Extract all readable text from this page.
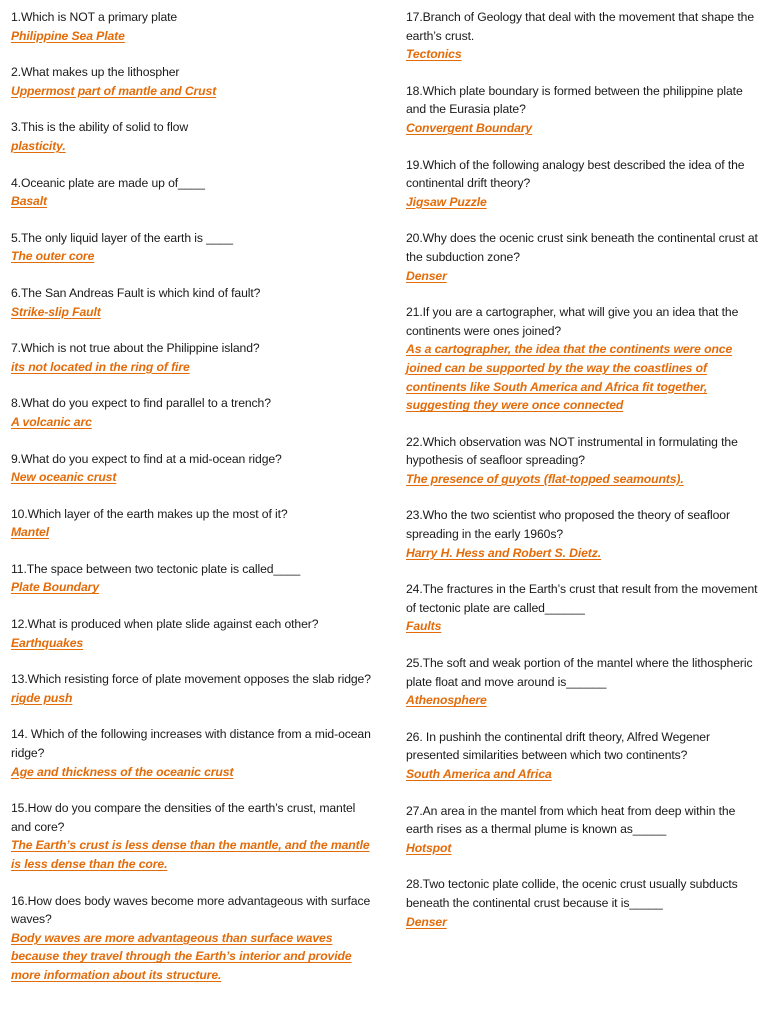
1.Which is NOT a primary plate
Philippine Sea Plate
2.What makes up the lithospher
Uppermost part of mantle and Crust
3.This is the ability of solid to flow
plasticity.
4.Oceanic plate are made up of____
Basalt
5.The only liquid layer of the earth is ____
The outer core
6.The San Andreas Fault is which kind of fault?
Strike-slip Fault
7.Which is not true about the Philippine island?
its not located in the ring of fire
8.What do you expect to find parallel to a trench?
A volcanic arc
9.What do you expect to find at a mid-ocean ridge?
New oceanic crust
10.Which layer of the earth makes up the most of it?
Mantel
11.The space between two tectonic plate is called____
Plate Boundary
12.What is produced when plate slide against each other?
Earthquakes
13.Which resisting force of plate movement opposes the slab ridge?
rigde push
14. Which of the following increases with distance from a mid-ocean ridge?
Age and thickness of the oceanic crust
15.How do you compare the densities of the earth’s crust, mantel and core?
The Earth’s crust is less dense than the mantle, and the mantle is less dense than the core.
16.How does body waves become more advantageous with surface waves?
Body waves are more advantageous than surface waves because they travel through the Earth’s interior and provide more information about its structure.
17.Branch of Geology that deal with the movement that shape the earth’s crust.
Tectonics
18.Which plate boundary is formed between the philippine plate and the Eurasia plate?
Convergent Boundary
19.Which of the following analogy best described the idea of the continental drift theory?
Jigsaw Puzzle
20.Why does the ocenic crust sink beneath the continental crust at the subduction zone?
Denser
21.If you are a cartographer, what will give you an idea that the continents were ones joined?
As a cartographer, the idea that the continents were once joined can be supported by the way the coastlines of continents like South America and Africa fit together, suggesting they were once connected
22.Which observation was NOT instrumental in formulating the hypothesis of seafloor spreading?
The presence of guyots (flat-topped seamounts).
23.Who the two scientist who proposed the theory of seafloor spreading in the early 1960s?
Harry H. Hess and Robert S. Dietz.
24.The fractures in the Earth’s crust that result from the movement of tectonic plate are called______
Faults
25.The soft and weak portion of the mantel where the lithospheric plate float and move around is______
Athenosphere
26. In pushinh the continental drift theory, Alfred Wegener presented similarities between which two continents?
South America and Africa
27.An area in the mantel from which heat from deep within the earth rises as a thermal plume is known as_____
Hotspot
28.Two tectonic plate collide, the ocenic crust usually subducts beneath the continental crust because it is_____
Denser
